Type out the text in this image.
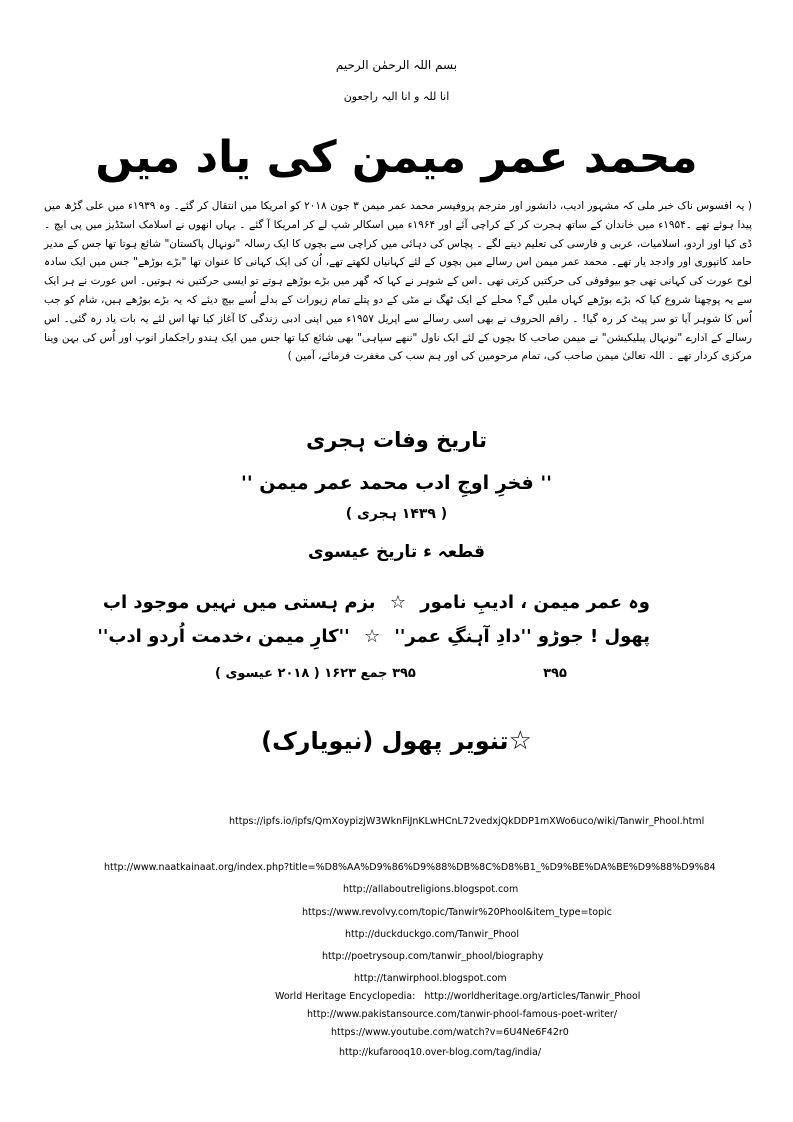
بسم اللہ الرحمٰن الرحیم
انا للہ و انا الیہ راجعون
محمد عمر میمن کی یاد میں
( یہ افسوس ناک خبر ملی کہ مشہور ادیب، دانشور اور مترجم پروفیسر محمد عمر میمن ۳ جون ۲۰۱۸ کو امریکا میں انتقال کر گئے۔ وہ ۱۹۳۹ء میں علی گڑھ میں پیدا ہوئے تھے ۔۱۹۵۴ء میں خاندان کے ساتھ ہجرت کر کے کراچی آئے اور ۱۹۶۴ء میں اسکالر شپ لے کر امریکا آ گئے ۔ یہاں انھوں نے اسلامک اسٹڈیز میں پی ایچ ۔ ڈی کیا اور اردو، اسلامیات، عربی و فارسی کی تعلیم دینے لگے ۔ پچاس کی دہائی میں کراچی سے بچوں کا ایک رسالہ "نونہال پاکستان" شائع ہوتا تھا جس کے مدیر حامد کانپوری اور وادجد یار تھے۔ محمد عمر میمن اس رسالے میں بچوں کے لئے کہانیاں لکھتے تھے، اُن کی ایک کہانی کا عنوان تھا "بڑے بوڑھے" جس میں ایک سادہ لوح عورت کی کہانی تھی جو بیوقوفی کی حرکتیں کرتی تھی ۔اس کے شوہر نے کہا کہ گھر میں بڑے بوڑھے ہوتے تو ایسی حرکتیں نہ ہوتیں۔ اس عورت نے ہر ایک سے یہ پوچھنا شروع کیا کہ بڑے بوڑھے کہاں ملیں گے؟ محلے کے ایک ٹھگ نے مٹی کے دو پتلے تمام زیورات کے بدلے اُسے بیچ دیئے کہ یہ بڑے بوڑھے ہیں، شام کو جب اُس کا شوہر آیا تو سر پیٹ کر رہ گیا! ۔ راقم الحروف نے بھی اسی رسالے سے اپریل ۱۹۵۷ء میں اپنی ادبی زندگی کا آغاز کیا تھا اس لئے یہ بات یاد رہ گئی۔ اس رسالے کے ادارے "نونہال پبلیکیشن" نے میمن صاحب کا بچوں کے لئے ایک ناول "ننھے سپاہی" بھی شائع کیا تھا جس میں ایک ہندو راجکمار انوپ اور اُس کی بہن وینا مرکزی کردار تھے ۔ اللہ تعالیٰ میمن صاحب کی، تمام مرحومین کی اور ہم سب کی مغفرت فرمائے، آمین )
تاریخ وفات ہجری
'' فخرِ اوجِ ادب محمد عمر میمن ''
( ۱۴۳۹ ہجری )
قطعہ ء تاریخ عیسوی
وہ عمر میمن ، ادیبِ نامور ☆ بزم ہستی میں نہیں موجود اب
پھول ! جوڑو ''دادِ آہنگِ عمر'' ☆ ''کارِ میمن ،خدمت اُردو ادب''
۳۹۵ ۳۹۵ جمع ۱۶۲۳ ( ۲۰۱۸ عیسوی )
☆تنویر پھول (نیویارک)
https://ipfs.io/ipfs/QmXoypizjW3WknFiJnKLwHCnL72vedxjQkDDP1mXWo6uco/wiki/Tanwir_Phool.html
http://www.naatkainaat.org/index.php?title=%D8%AA%D9%86%D9%88%DB%8C%D8%B1_%D9%BE%DA%BE%D9%88%D9%84
http://allaboutreligions.blogspot.com
https://www.revolvy.com/topic/Tanwir%20Phool&item_type=topic
http://duckduckgo.com/Tanwir_Phool
http://poetrysoup.com/tanwir_phool/biography
http://tanwirphool.blogspot.com
World Heritage Encyclopedia: http://worldheritage.org/articles/Tanwir_Phool
http://www.pakistansource.com/tanwir-phool-famous-poet-writer/
https://www.youtube.com/watch?v=6U4Ne6F42r0
http://kufarooq10.over-blog.com/tag/india/
